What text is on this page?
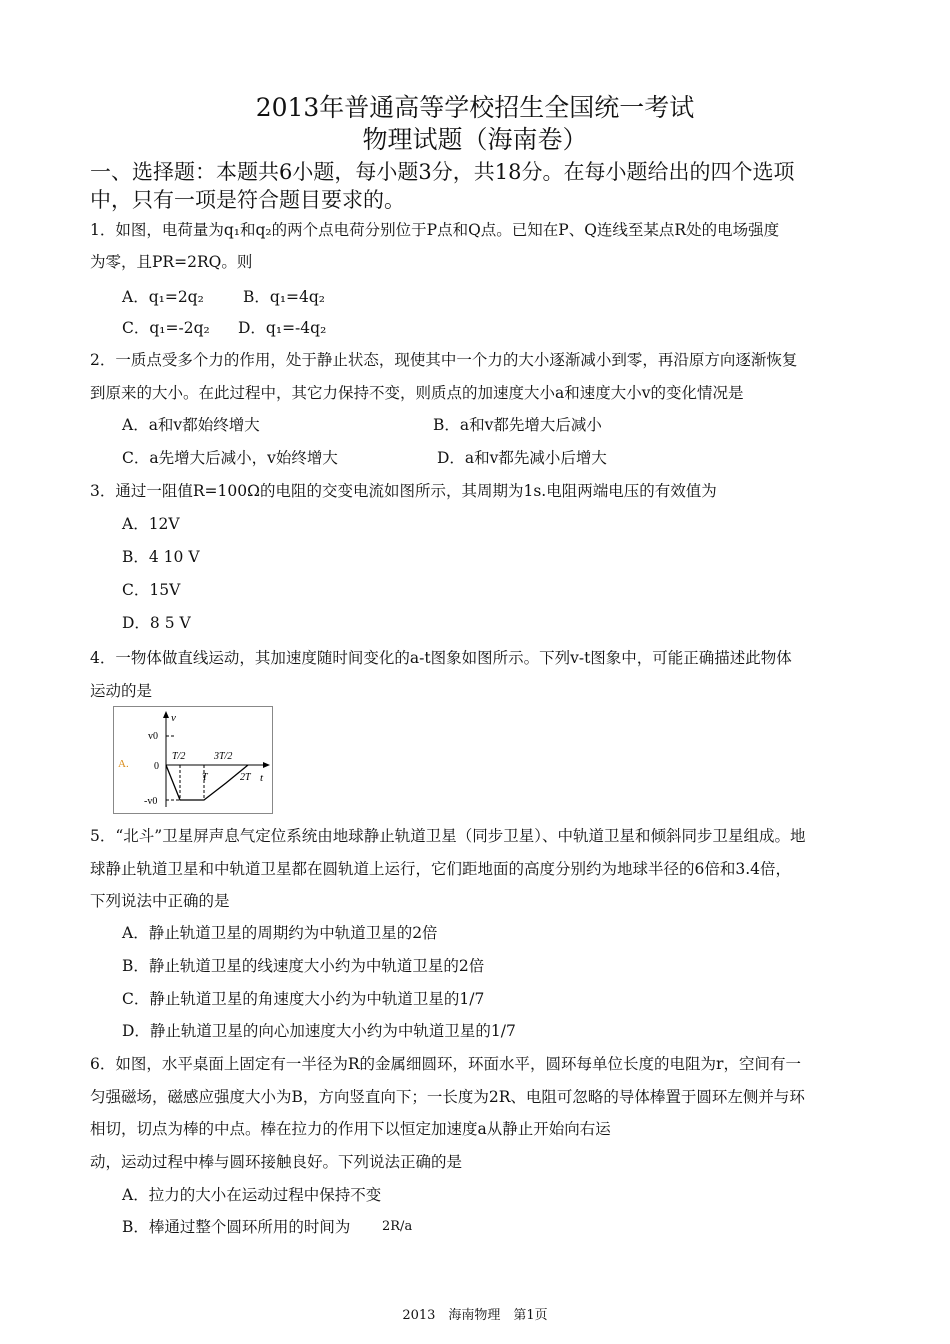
2013年普通高等学校招生全国统一考试
物理试题（海南卷）
一、选择题：本题共6小题，每小题3分，共18分。在每小题给出的四个选项
中，只有一项是符合题目要求的。
1．如图，电荷量为q₁和q₂的两个点电荷分别位于P点和Q点。已知在P、Q连线至某点R处的电场强度
为零，且PR=2RQ。则
A．q₁=2q₂	B．q₁=4q₂
C．q₁=-2q₂ D．q₁=-4q₂
2．一质点受多个力的作用，处于静止状态，现使其中一个力的大小逐渐减小到零，再沿原方向逐渐恢复
到原来的大小。在此过程中，其它力保持不变，则质点的加速度大小a和速度大小v的变化情况是
A．a和v都始终增大	B．a和v都先增大后减小
C．a先增大后减小，v始终增大	D．a和v都先减小后增大
3．通过一阻值R=100Ω的电阻的交变电流如图所示，其周期为1s.电阻两端电压的有效值为
A．12V
B．4 10 V
C．15V
D．8 5 V
4．一物体做直线运动，其加速度随时间变化的a-t图象如图所示。下列v-t图象中，可能正确描述此物体
运动的是
A.
v
t
v0
-v0
0
T/2	3T/2
T	2T
5．“北斗”卫星屏声息气定位系统由地球静止轨道卫星（同步卫星）、中轨道卫星和倾斜同步卫星组成。地
球静止轨道卫星和中轨道卫星都在圆轨道上运行，它们距地面的高度分别约为地球半径的6倍和3.4倍，
下列说法中正确的是
A．静止轨道卫星的周期约为中轨道卫星的2倍
B．静止轨道卫星的线速度大小约为中轨道卫星的2倍
C．静止轨道卫星的角速度大小约为中轨道卫星的1/7
D．静止轨道卫星的向心加速度大小约为中轨道卫星的1/7
6．如图，水平桌面上固定有一半径为R的金属细圆环，环面水平，圆环每单位长度的电阻为r，空间有一
匀强磁场，磁感应强度大小为B，方向竖直向下；一长度为2R、电阻可忽略的导体棒置于圆环左侧并与环
相切，切点为棒的中点。棒在拉力的作用下以恒定加速度a从静止开始向右运
动，运动过程中棒与圆环接触良好。下列说法正确的是
A．拉力的大小在运动过程中保持不变
B．棒通过整个圆环所用的时间为 2R/a
2013　海南物理　第1页
